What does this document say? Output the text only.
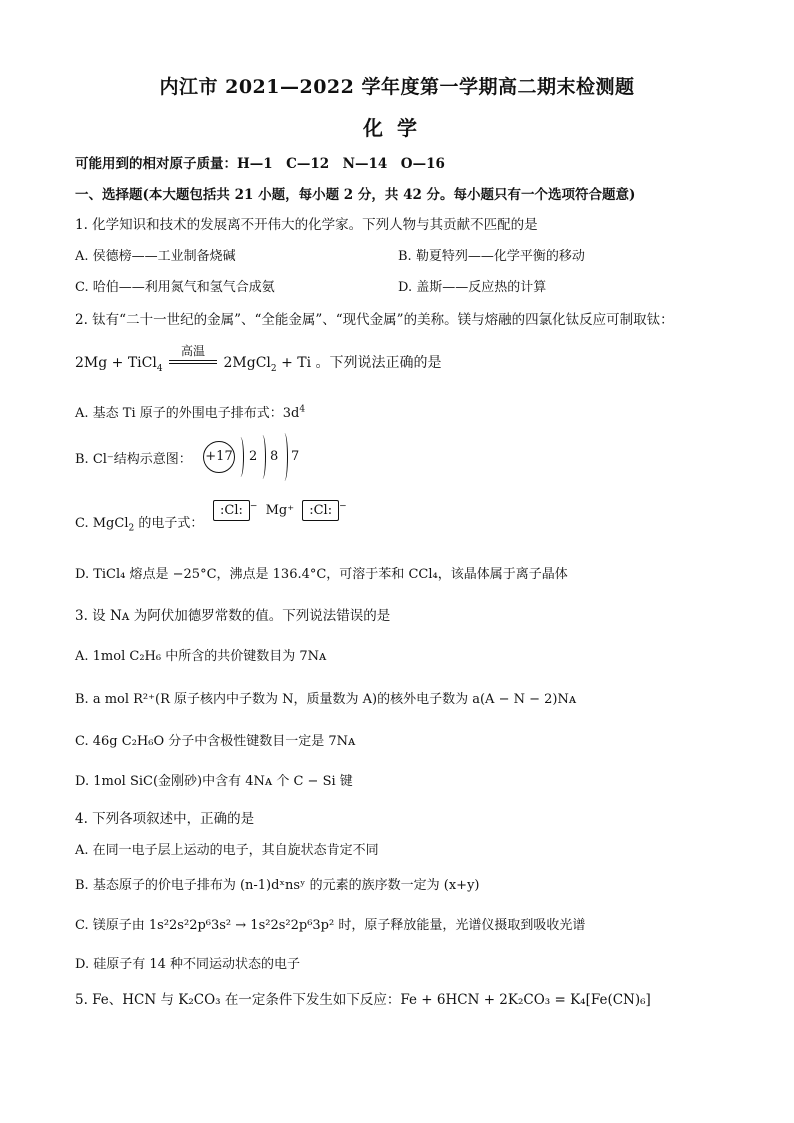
内江市 2021—2022 学年度第一学期高二期末检测题
化学
可能用到的相对原子质量：H—1　C—12　N—14　O—16
一、选择题(本大题包括共 21 小题，每小题 2 分，共 42 分。每小题只有一个选项符合题意)
1. 化学知识和技术的发展离不开伟大的化学家。下列人物与其贡献不匹配的是
A. 侯德榜——工业制备烧碱	B. 勒夏特列——化学平衡的移动
C. 哈伯——利用氮气和氢气合成氨	D. 盖斯——反应热的计算
2. 钛有“二十一世纪的金属”、“全能金属”、“现代金属”的美称。镁与熔融的四氯化钛反应可制取钛：
2Mg + TiCl$_4$
高温
2MgCl$_2$ + Ti 。下列说法正确的是
A. 基态 Ti 原子的外围电子排布式：$3d^4$
B. Cl⁻结构示意图： +17 2 8 7
C. MgCl$_2$ 的电子式：
:Cl: − Mg⁺ :Cl: −
D. TiCl₄ 熔点是 −25°C，沸点是 136.4°C，可溶于苯和 CCl₄，该晶体属于离子晶体
3. 设 Nᴀ 为阿伏加德罗常数的值。下列说法错误的是
A. 1mol C₂H₆ 中所含的共价键数目为 7Nᴀ
B. a mol R²⁺(R 原子核内中子数为 N，质量数为 A)的核外电子数为 a(A − N − 2)Nᴀ
C. 46g C₂H₆O 分子中含极性键数目一定是 7Nᴀ
D. 1mol SiC(金刚砂)中含有 4Nᴀ 个 C − Si 键
4. 下列各项叙述中，正确的是
A. 在同一电子层上运动的电子，其自旋状态肯定不同
B. 基态原子的价电子排布为 (n-1)dˣnsʸ 的元素的族序数一定为 (x+y)
C. 镁原子由 1s²2s²2p⁶3s² → 1s²2s²2p⁶3p² 时，原子释放能量，光谱仪摄取到吸收光谱
D. 硅原子有 14 种不同运动状态的电子
5. Fe、HCN 与 K₂CO₃ 在一定条件下发生如下反应：Fe + 6HCN + 2K₂CO₃ = K₄[Fe(CN)₆]
